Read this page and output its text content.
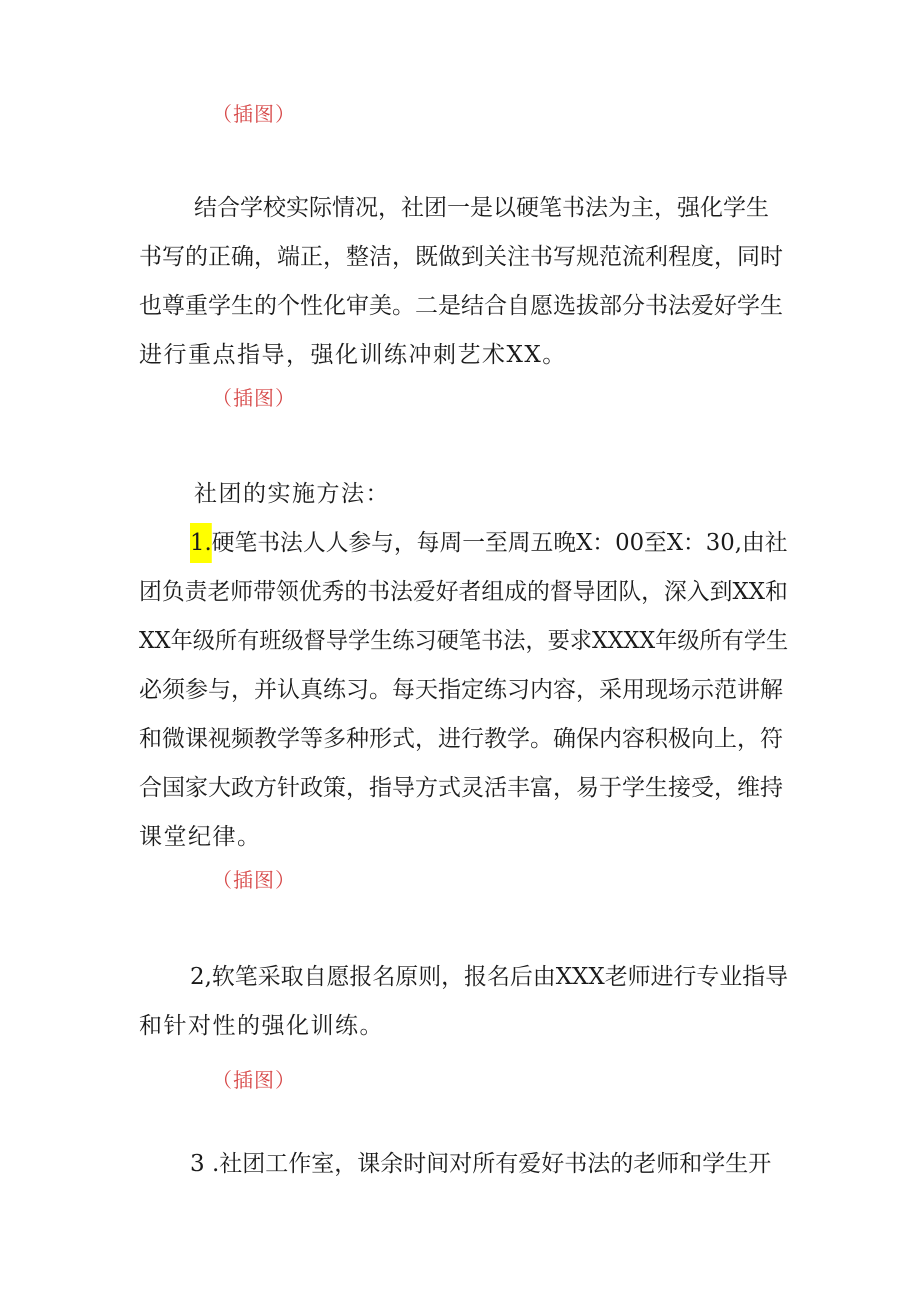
（插图）
结合学校实际情况，社团一是以硬笔书法为主，强化学生
书写的正确，端正，整洁，既做到关注书写规范流利程度，同时
也尊重学生的个性化审美。二是结合自愿选拔部分书法爱好学生
进行重点指导，强化训练冲刺艺术XX。
（插图）
社团的实施方法：
1.硬笔书法人人参与，每周一至周五晚X：00至X：30,由社
团负责老师带领优秀的书法爱好者组成的督导团队，深入到XX和
XX年级所有班级督导学生练习硬笔书法，要求XXXX年级所有学生
必须参与，并认真练习。每天指定练习内容，采用现场示范讲解
和微课视频教学等多种形式，进行教学。确保内容积极向上，符
合国家大政方针政策，指导方式灵活丰富，易于学生接受，维持
课堂纪律。
（插图）
2,软笔采取自愿报名原则，报名后由XXX老师进行专业指导
和针对性的强化训练。
（插图）
3 .社团工作室，课余时间对所有爱好书法的老师和学生开
